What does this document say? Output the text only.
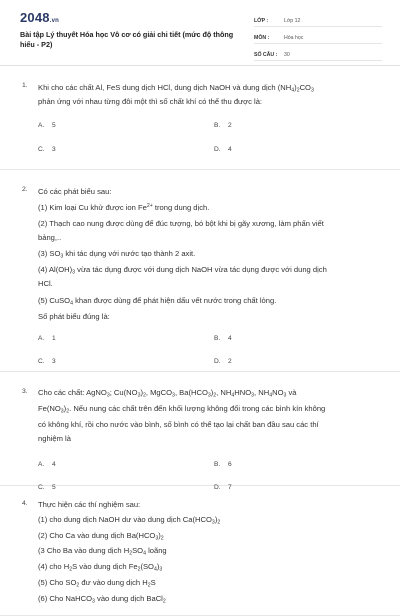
2048.vn
Bài tập Lý thuyết Hóa học Vô cơ có giải chi tiết (mức độ thông hiểu - P2)
LỚP :	Lớp 12
MÔN :	Hóa học
SỐ CÂU :	30
1. Khi cho các chất Al, FeS dung dịch HCl, dung dịch NaOH và dung dịch $(NH_4)_2CO_3$
phản ứng với nhau từng đôi một thì số chất khí có thể thu được là:
A. 5	B. 2
C. 3	D. 4
2. Có các phát biểu sau:
(1) Kim loại Cu khử được ion $Fe^{2+}$ trong dung dịch.
(2) Thạch cao nung được dùng để đúc tượng, bó bột khi bị gãy xương, làm phấn viết
bảng,..
(3) $SO_3$ khi tác dụng với nước tạo thành 2 axit.
(4) $Al(OH)_3$ vừa tác dụng được với dung dịch NaOH vừa tác dụng được với dung dịch
HCl.
(5) CuSO$_4$ khan được dùng để phát hiện dấu vết nước trong chất lỏng.
Số phát biểu đúng là:
A. 1	B. 4
C. 3	D. 2
3. Cho các chất: AgNO$_3$; $Cu(NO_3)_2$, MgCO$_3$, $Ba(HCO_3)_2$, $NH_4HNO_3$, $NH_4NO_3$ và
$Fe(NO_3)_2$. Nếu nung các chất trên đến khối lượng không đổi trong các bình kín không
có không khí, rồi cho nước vào bình, số bình có thể tạo lại chất ban đầu sau các thí
nghiệm là
A. 4	B. 6
C. 5	D. 7
4. Thực hiện các thí nghiệm sau:
(1) cho dung dịch NaOH dư vào dung dịch $Ca(HCO_3)_2$
(2) Cho Ca vào dung dịch $Ba(HCO_3)_2$
(3 Cho Ba vào dung dịch $H_2SO_4$ loãng
(4) cho $H_2S$ vào dung dịch $Fe_2(SO_4)_3$
(5) Cho $SO_2$ đư vào dung dịch $H_2S$
(6) Cho NaHCO$_3$ vào dung dịch BaCl$_2$
